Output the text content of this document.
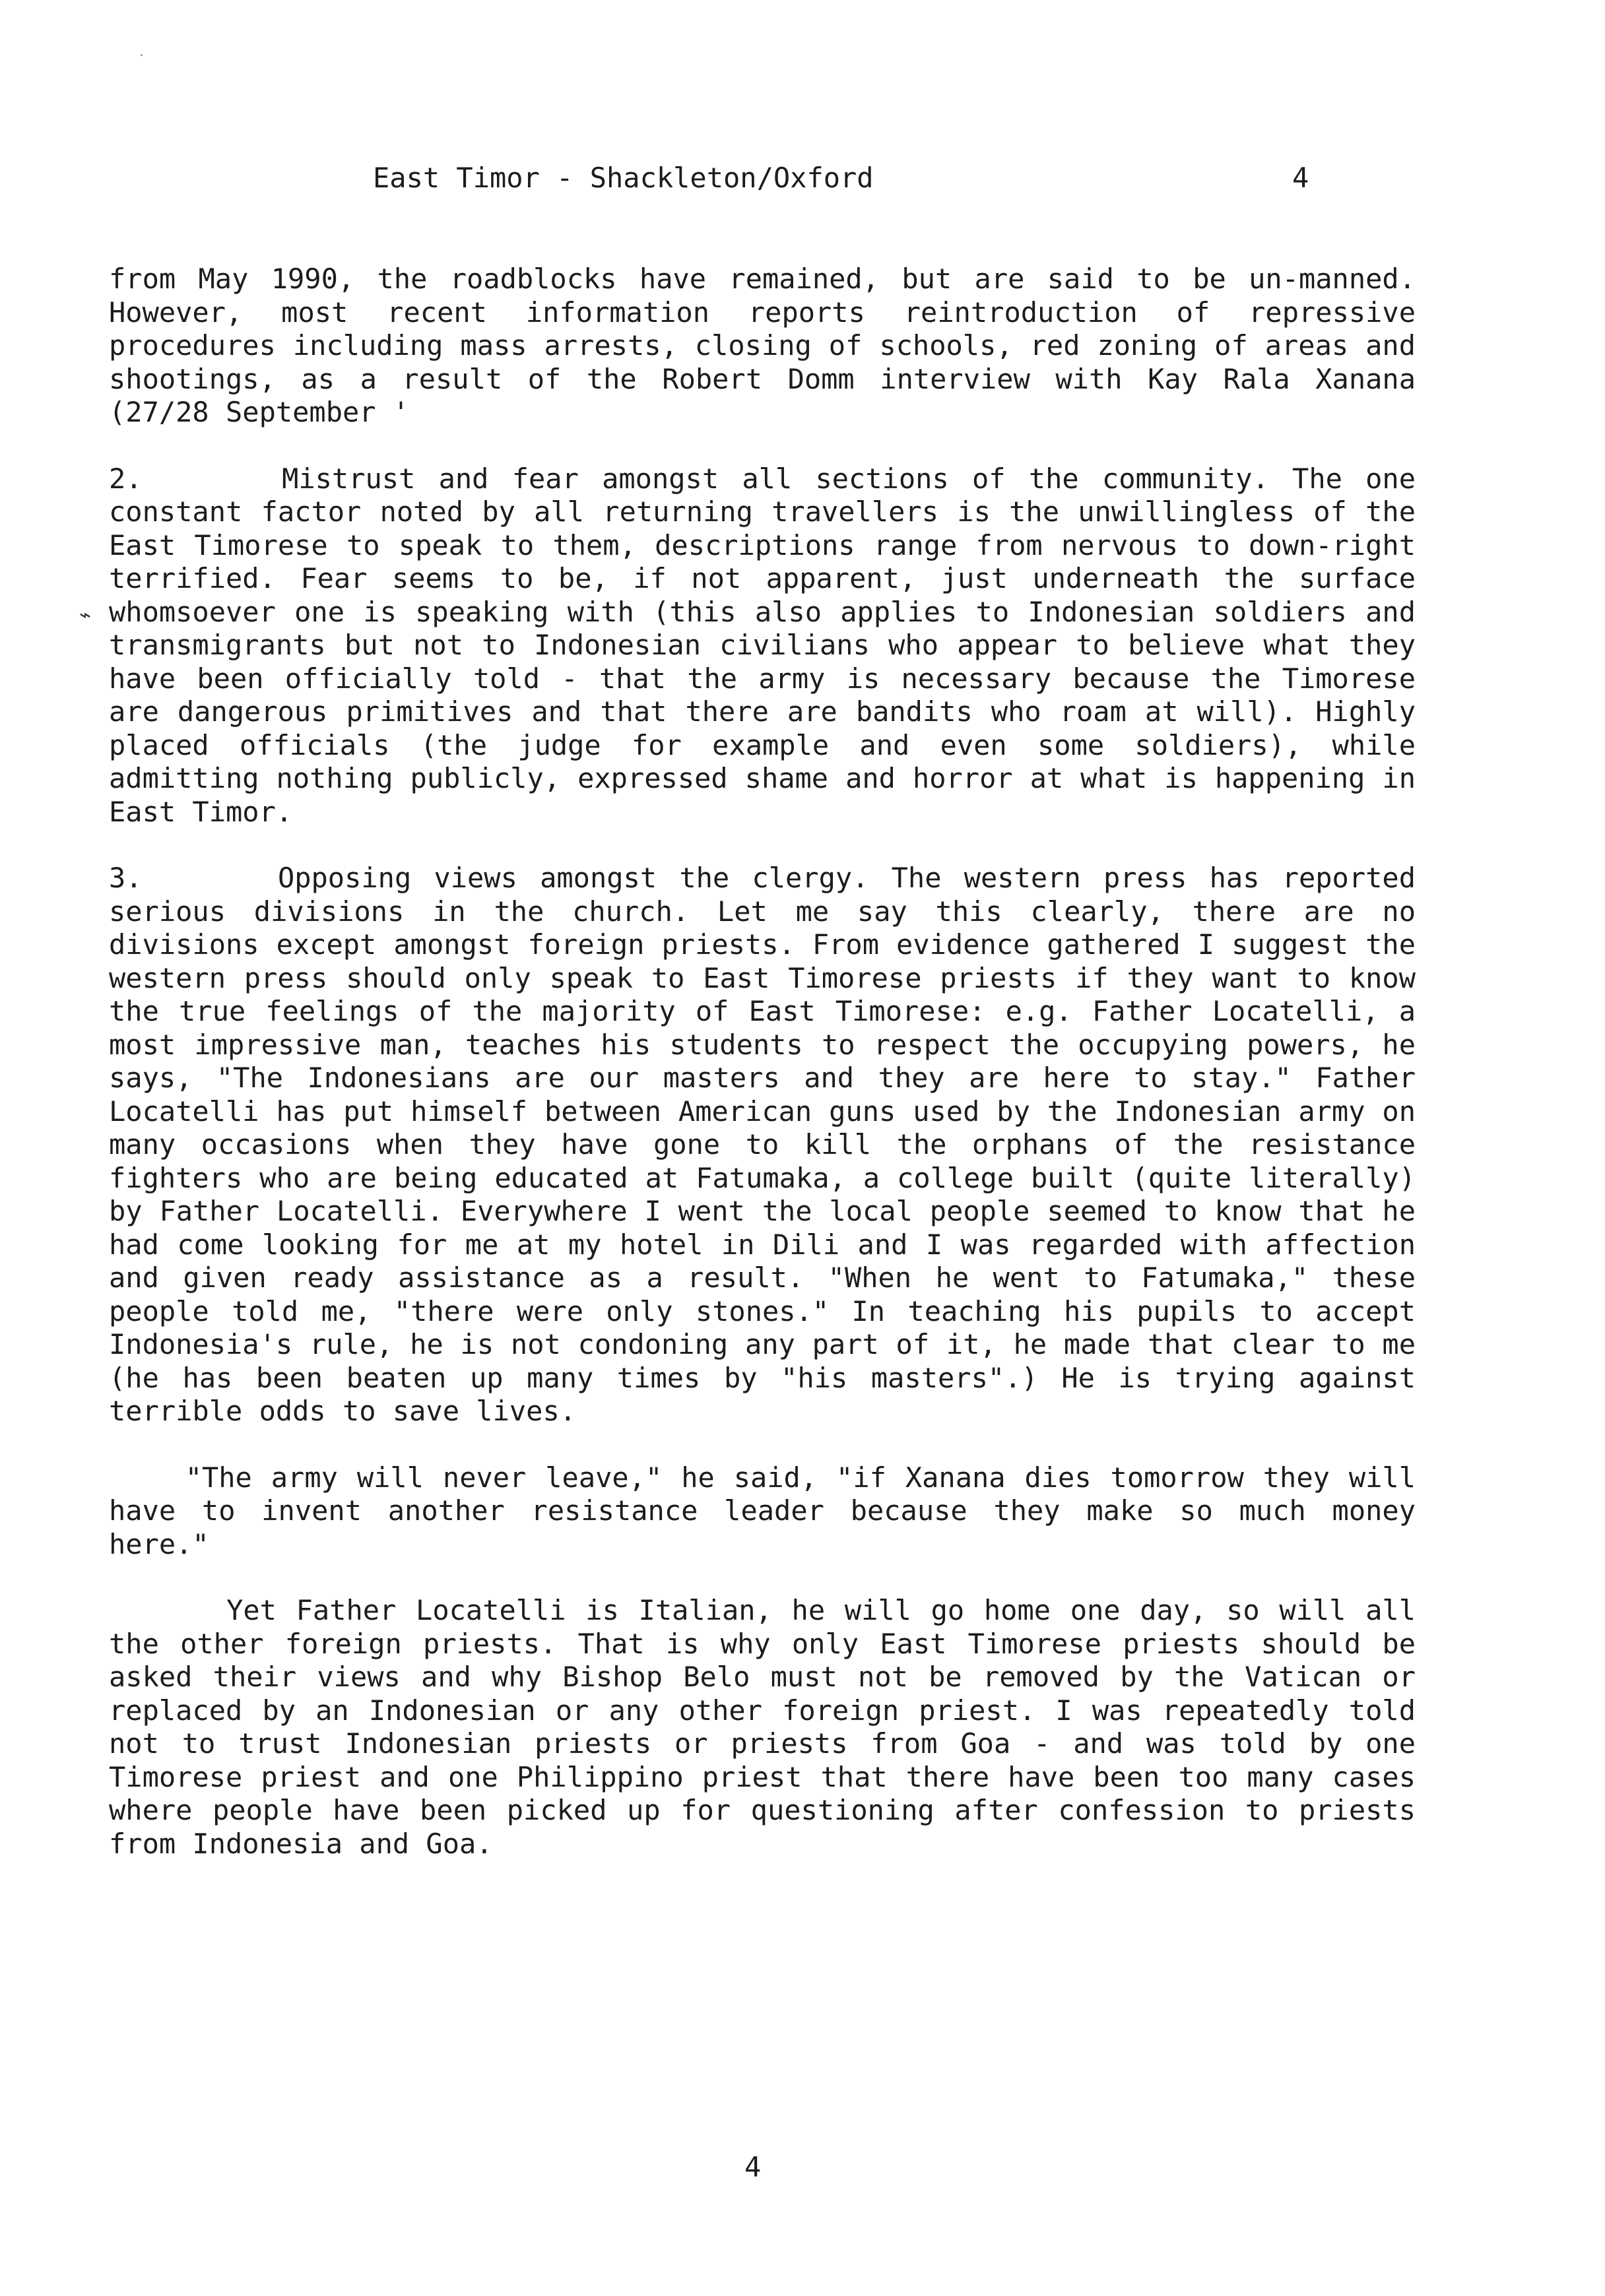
East Timor - Shackleton/Oxford	4
⌁

from May 1990, the roadblocks have remained, but are said to be un-manned. However, most recent information reports reintroduction of repressive procedures including mass arrests, closing of schools, red zoning of areas and shootings, as a result of the Robert Domm interview with Kay Rala Xanana (27/28 September '

2.      Mistrust and fear amongst all sections of the community. The one constant factor noted by all returning travellers is the unwillingless of the East Timorese to speak to them, descriptions range from nervous to down-right terrified. Fear seems to be, if not apparent, just underneath the surface whomsoever one is speaking with (this also applies to Indonesian soldiers and transmigrants but not to Indonesian civilians who appear to believe what they have been officially told - that the army is necessary because the Timorese are dangerous primitives and that there are bandits who roam at will). Highly placed officials (the judge for example and even some soldiers), while admitting nothing publicly, expressed shame and horror at what is happening in East Timor.

3.      Opposing views amongst the clergy. The western press has reported serious divisions in the church. Let me say this clearly, there are no divisions except amongst foreign priests. From evidence gathered I suggest the western press should only speak to East Timorese priests if they want to know the true feelings of the majority of East Timorese: e.g. Father Locatelli, a most impressive man, teaches his students to respect the occupying powers, he says, "The Indonesians are our masters and they are here to stay." Father Locatelli has put himself between American guns used by the Indonesian army on many occasions when they have gone to kill the orphans of the resistance fighters who are being educated at Fatumaka, a college built (quite literally) by Father Locatelli. Everywhere I went the local people seemed to know that he had come looking for me at my hotel in Dili and I was regarded with affection and given ready assistance as a result. "When he went to Fatumaka," these people told me, "there were only stones." In teaching his pupils to accept Indonesia's rule, he is not condoning any part of it, he made that clear to me (he has been beaten up many times by "his masters".) He is trying against terrible odds to save lives.

"The army will never leave," he said, "if Xanana dies tomorrow they will have to invent another resistance leader because they make so much money here."

Yet Father Locatelli is Italian, he will go home one day, so will all the other foreign priests. That is why only East Timorese priests should be asked their views and why Bishop Belo must not be removed by the Vatican or replaced by an Indonesian or any other foreign priest. I was repeatedly told not to trust Indonesian priests or priests from Goa - and was told by one Timorese priest and one Philippino priest that there have been too many cases where people have been picked up for questioning after confession to priests from Indonesia and Goa.

4
